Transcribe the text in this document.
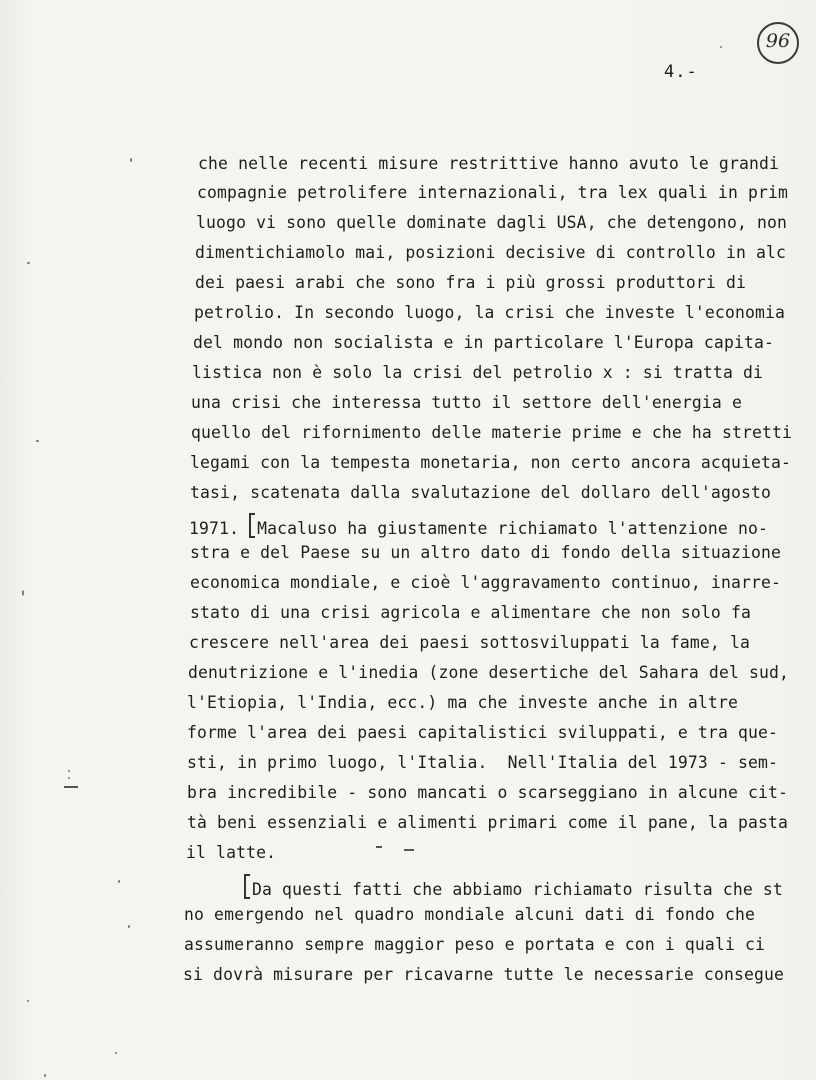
96
4.-
che nelle recenti misure restrittive hanno avuto le grandi
compagnie petrolifere internazionali, tra lex quali in prim
luogo vi sono quelle dominate dagli USA, che detengono, non
dimentichiamolo mai, posizioni decisive di controllo in alc
dei paesi arabi che sono fra i più grossi produttori di
petrolio. In secondo luogo, la crisi che investe l'economia
del mondo non socialista e in particolare l'Europa capita-
listica non è solo la crisi del petrolio x : si tratta di
una crisi che interessa tutto il settore dell'energia e
quello del rifornimento delle materie prime e che ha stretti
legami con la tempesta monetaria, non certo ancora acquieta-
tasi, scatenata dalla svalutazione del dollaro dell'agosto
1971. Macaluso ha giustamente richiamato l'attenzione no-
stra e del Paese su un altro dato di fondo della situazione
economica mondiale, e cioè l'aggravamento continuo, inarre-
stato di una crisi agricola e alimentare che non solo fa
crescere nell'area dei paesi sottosviluppati la fame, la
denutrizione e l'inedia (zone desertiche del Sahara del sud,
l'Etiopia, l'India, ecc.) ma che investe anche in altre
forme l'area dei paesi capitalistici sviluppati, e tra que-
sti, in primo luogo, l'Italia.  Nell'Italia del 1973 - sem-
bra incredibile - sono mancati o scarseggiano in alcune cit-
tà beni essenziali e alimenti primari come il pane, la pasta
il latte.
Da questi fatti che abbiamo richiamato risulta che st
no emergendo nel quadro mondiale alcuni dati di fondo che
assumeranno sempre maggior peso e portata e con i quali ci
si dovrà misurare per ricavarne tutte le necessarie consegue
